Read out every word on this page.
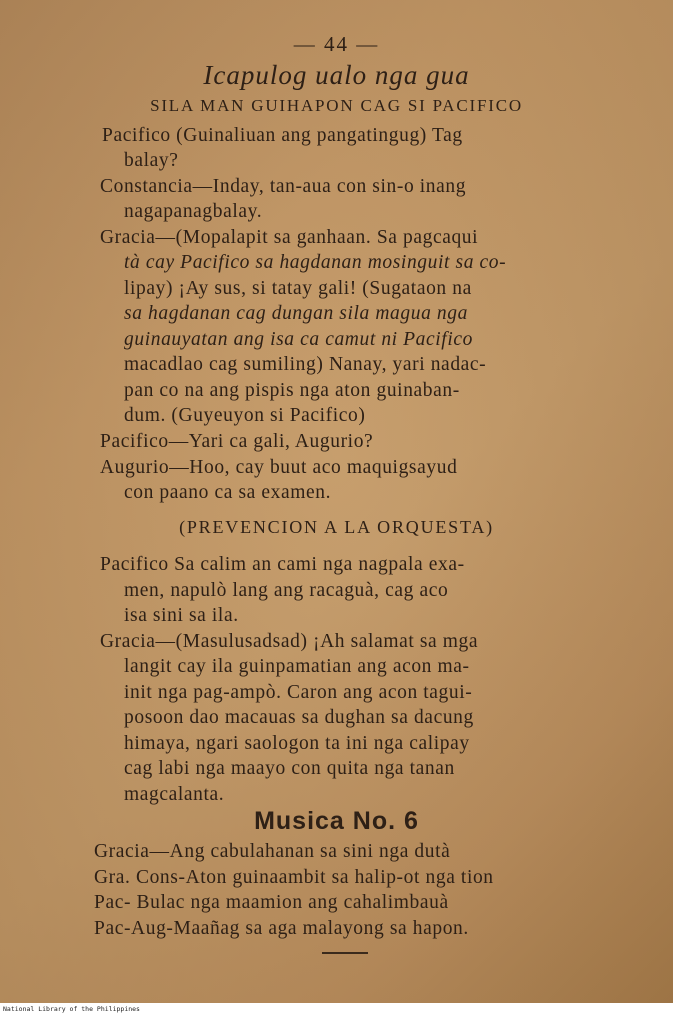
— 44 —
Icapulog ualo nga gua
SILA MAN GUIHAPON CAG SI PACIFICO
Pacifico (Guinaliuan ang pangatingug) Tag
balay?
Constancia—Inday, tan-aua con sin-o inang
nagapanagbalay.
Gracia—(Mopalapit sa ganhaan. Sa pagcaqui
tà cay Pacifico sa hagdanan mosinguit sa co-
lipay) ¡Ay sus, si tatay gali! (Sugataon na
sa hagdanan cag dungan sila magua nga
guinauyatan ang isa ca camut ni Pacifico
macadlao cag sumiling) Nanay, yari nadac-
pan co na ang pispis nga aton guinaban-
dum. (Guyeuyon si Pacifico)
Pacifico—Yari ca gali, Augurio?
Augurio—Hoo, cay buut aco maquigsayud
con paano ca sa examen.
(PREVENCION A LA ORQUESTA)
Pacifico Sa calim an cami nga nagpala exa-
men, napulò lang ang racaguà, cag aco
isa sini sa ila.
Gracia—(Masulusadsad) ¡Ah salamat sa mga
langit cay ila guinpamatian ang acon ma-
init nga pag-ampò. Caron ang acon tagui-
posoon dao macauas sa dughan sa dacung
himaya, ngari saologon ta ini nga calipay
cag labi nga maayo con quita nga tanan
magcalanta.
Musica No. 6
Gracia—Ang cabulahanan sa sini nga dutà
Gra. Cons-Aton guinaambit sa halip-ot nga tion
Pac- Bulac nga maamion ang cahalimbauà
Pac-Aug-Maañag sa aga malayong sa hapon.
National Library of the Philippines
